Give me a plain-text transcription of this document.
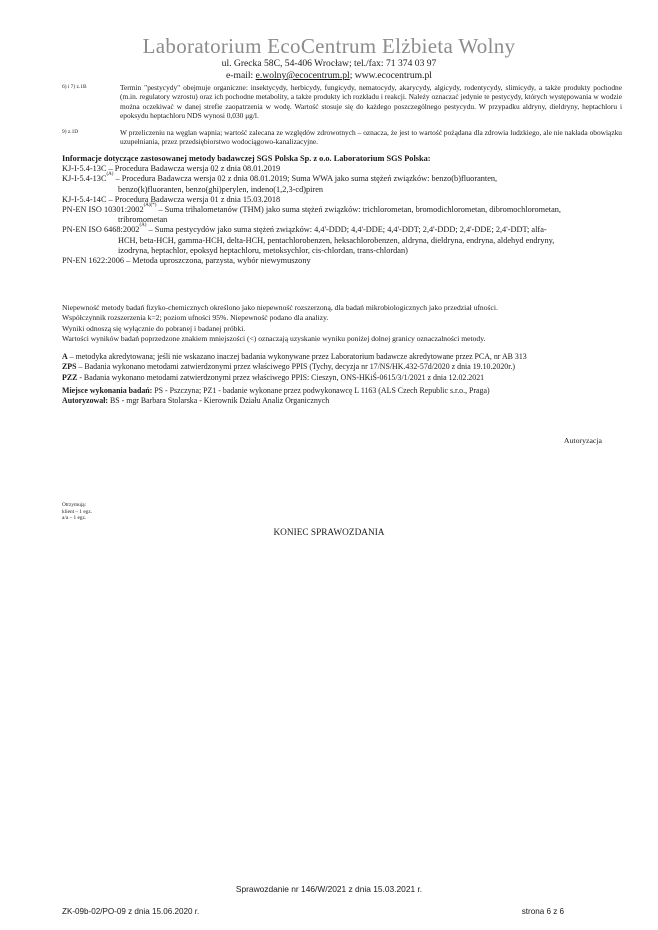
Laboratorium EcoCentrum Elżbieta Wolny
ul. Grecka 58C, 54-406 Wrocław; tel./fax: 71 374 03 97
e-mail: e.wolny@ecocentrum.pl; www.ecocentrum.pl
6) i 7) z.1B	Termin "pestycydy" obejmuje organiczne: insektycydy, herbicydy, fungicydy, nematocydy, akarycydy, algicydy, rodentycydy, slimicydy, a także produkty pochodne (m.in. regulatory wzrostu) oraz ich pochodne metabolity, a także produkty ich rozkładu i reakcji. Należy oznaczać jedynie te pestycydy, których występowania w wodzie można oczekiwać w danej strefie zaopatrzenia w wodę. Wartość stosuje się do każdego poszczególnego pestycydu. W przypadku aldryny, dieldryny, heptachloru i epoksydu heptachloru NDS wynosi 0,030 μg/l.
9) z.1D	W przeliczeniu na węglan wapnia; wartość zalecana ze względów zdrowotnych – oznacza, że jest to wartość pożądana dla zdrowia ludzkiego, ale nie nakłada obowiązku uzupełniania, przez przedsiębiorstwo wodociągowo-kanalizacyjne.
Informacje dotyczące zastosowanej metody badawczej SGS Polska Sp. z o.o. Laboratorium SGS Polska:
KJ-I-5.4-13C – Procedura Badawcza wersja 02 z dnia 08.01.2019
$KJ-I-5.4-13C^{(A)}$ – Procedura Badawcza wersja 02 z dnia 08.01.2019; Suma WWA jako suma stężeń związków: benzo(b)fluoranten,
benzo(k)fluoranten, benzo(ghi)perylen, indeno(1,2,3-cd)piren
KJ-I-5.4-14C – Procedura Badawcza wersja 01 z dnia 15.03.2018
PN-EN ISO $10301:2002^{(A)(*)}$ – Suma trihalometanów (THM) jako suma stężeń związków: trichlorometan, bromodichlorometan, dibromochlorometan,
tribromometan
PN-EN ISO $6468:2002^{(A)}$ – Suma pestycydów jako suma stężeń związków: 4,4'-DDD; 4,4'-DDE; 4,4'-DDT; 2,4'-DDD; 2,4'-DDE; 2,4'-DDT; alfa-
HCH, beta-HCH, gamma-HCH, delta-HCH, pentachlorobenzen, heksachlorobenzen, aldryna, dieldryna, endryna, aldehyd endryny,
izodryna, heptachlor, epoksyd heptachloru, metoksychlor, cis-chlordan, trans-chlordan)
PN-EN 1622:2006 – Metoda uproszczona, parzysta, wybór niewymuszony
Niepewność metody badań fizyko-chemicznych określono jako niepewność rozszerzoną, dla badań mikrobiologicznych jako przedział ufności.
Współczynnik rozszerzenia k=2; poziom ufności 95%. Niepewność podano dla analizy.
Wyniki odnoszą się wyłącznie do pobranej i badanej próbki.
Wartości wyników badań poprzedzone znakiem mniejszości (<) oznaczają uzyskanie wyniku poniżej dolnej granicy oznaczalności metody.
A – metodyka akredytowana; jeśli nie wskazano inaczej badania wykonywane przez Laboratorium badawcze akredytowane przez PCA, nr AB 313
ZPS – Badania wykonano metodami zatwierdzonymi przez właściwego PPIS (Tychy, decyzja nr 17/NS/HK.432-57d/2020 z dnia 19.10.2020r.)
PZZ - Badania wykonano metodami zatwierdzonymi przez właściwego PPIS: Cieszyn, ONS-HKiŚ-0615/3/1/2021 z dnia 12.02.2021
Miejsce wykonania badań: PS - Pszczyna; PZ1 - badanie wykonane przez podwykonawcę L 1163 (ALS Czech Republic s.r.o., Praga)
Autoryzował: BS - mgr Barbara Stolarska - Kierownik Działu Analiz Organicznych
Autoryzacja
Otrzymują:
klient – 1 egz.
a/a – 1 egz.
KONIEC SPRAWOZDANIA
Sprawozdanie nr 146/W/2021 z dnia 15.03.2021 r.
ZK-09b-02/PO-09 z dnia 15.06.2020 r.	strona 6 z 6
